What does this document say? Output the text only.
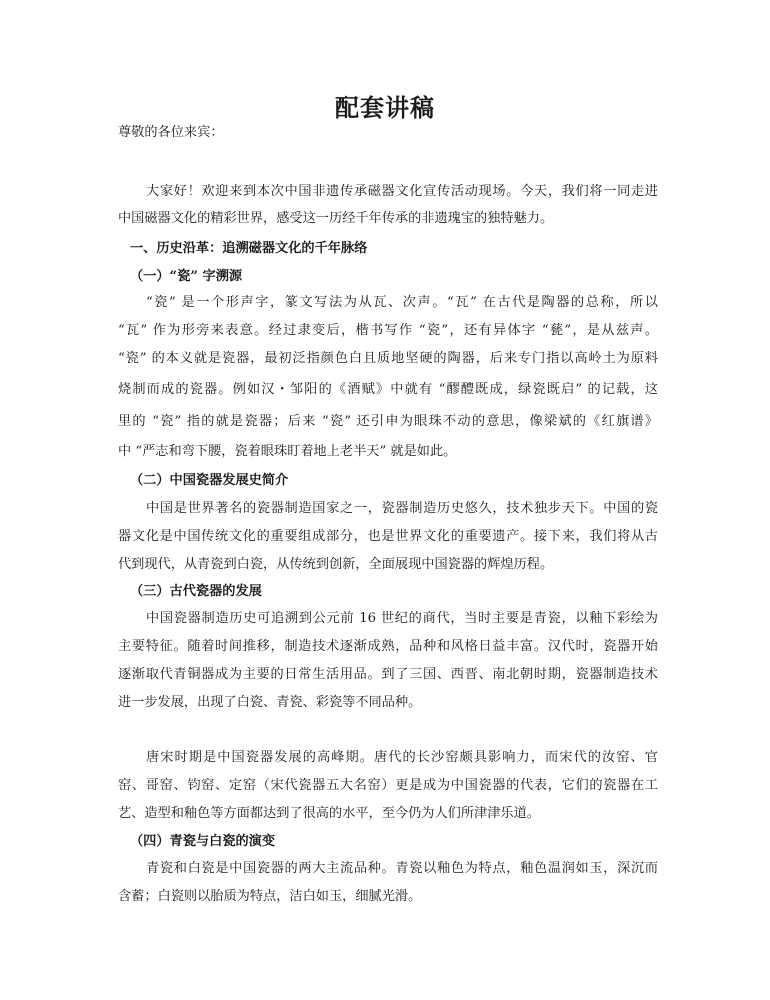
配套讲稿
尊敬的各位来宾：
大家好！欢迎来到本次中国非遗传承磁器文化宣传活动现场。今天，我们将一同走进
中国磁器文化的精彩世界，感受这一历经千年传承的非遗瑰宝的独特魅力。
一、历史沿革：追溯磁器文化的千年脉络
（一）“瓷” 字溯源
“瓷” 是一个形声字，篆文写法为从瓦、次声。“瓦” 在古代是陶器的总称，所以
“瓦” 作为形旁来表意。经过隶变后，楷书写作 “瓷”，还有异体字 “甆”，是从兹声。
“瓷” 的本义就是瓷器，最初泛指颜色白且质地坚硬的陶器，后来专门指以高岭土为原料
烧制而成的瓷器。例如汉・邹阳的《酒赋》中就有 “醪醴既成，绿瓷既启” 的记载，这
里的 “瓷” 指的就是瓷器；后来 “瓷” 还引申为眼珠不动的意思，像梁斌的《红旗谱》
中 “严志和弯下腰，瓷着眼珠盯着地上老半天” 就是如此。
（二）中国瓷器发展史简介
中国是世界著名的瓷器制造国家之一，瓷器制造历史悠久，技术独步天下。中国的瓷
器文化是中国传统文化的重要组成部分，也是世界文化的重要遗产。接下来，我们将从古
代到现代，从青瓷到白瓷，从传统到创新，全面展现中国瓷器的辉煌历程。
（三）古代瓷器的发展
中国瓷器制造历史可追溯到公元前 16 世纪的商代，当时主要是青瓷，以釉下彩绘为
主要特征。随着时间推移，制造技术逐渐成熟，品种和风格日益丰富。汉代时，瓷器开始
逐渐取代青铜器成为主要的日常生活用品。到了三国、西晋、南北朝时期，瓷器制造技术
进一步发展，出现了白瓷、青瓷、彩瓷等不同品种。
唐宋时期是中国瓷器发展的高峰期。唐代的长沙窑颇具影响力，而宋代的汝窑、官
窑、哥窑、钧窑、定窑（宋代瓷器五大名窑）更是成为中国瓷器的代表，它们的瓷器在工
艺、造型和釉色等方面都达到了很高的水平，至今仍为人们所津津乐道。
（四）青瓷与白瓷的演变
青瓷和白瓷是中国瓷器的两大主流品种。青瓷以釉色为特点，釉色温润如玉，深沉而
含蓄；白瓷则以胎质为特点，洁白如玉，细腻光滑。
